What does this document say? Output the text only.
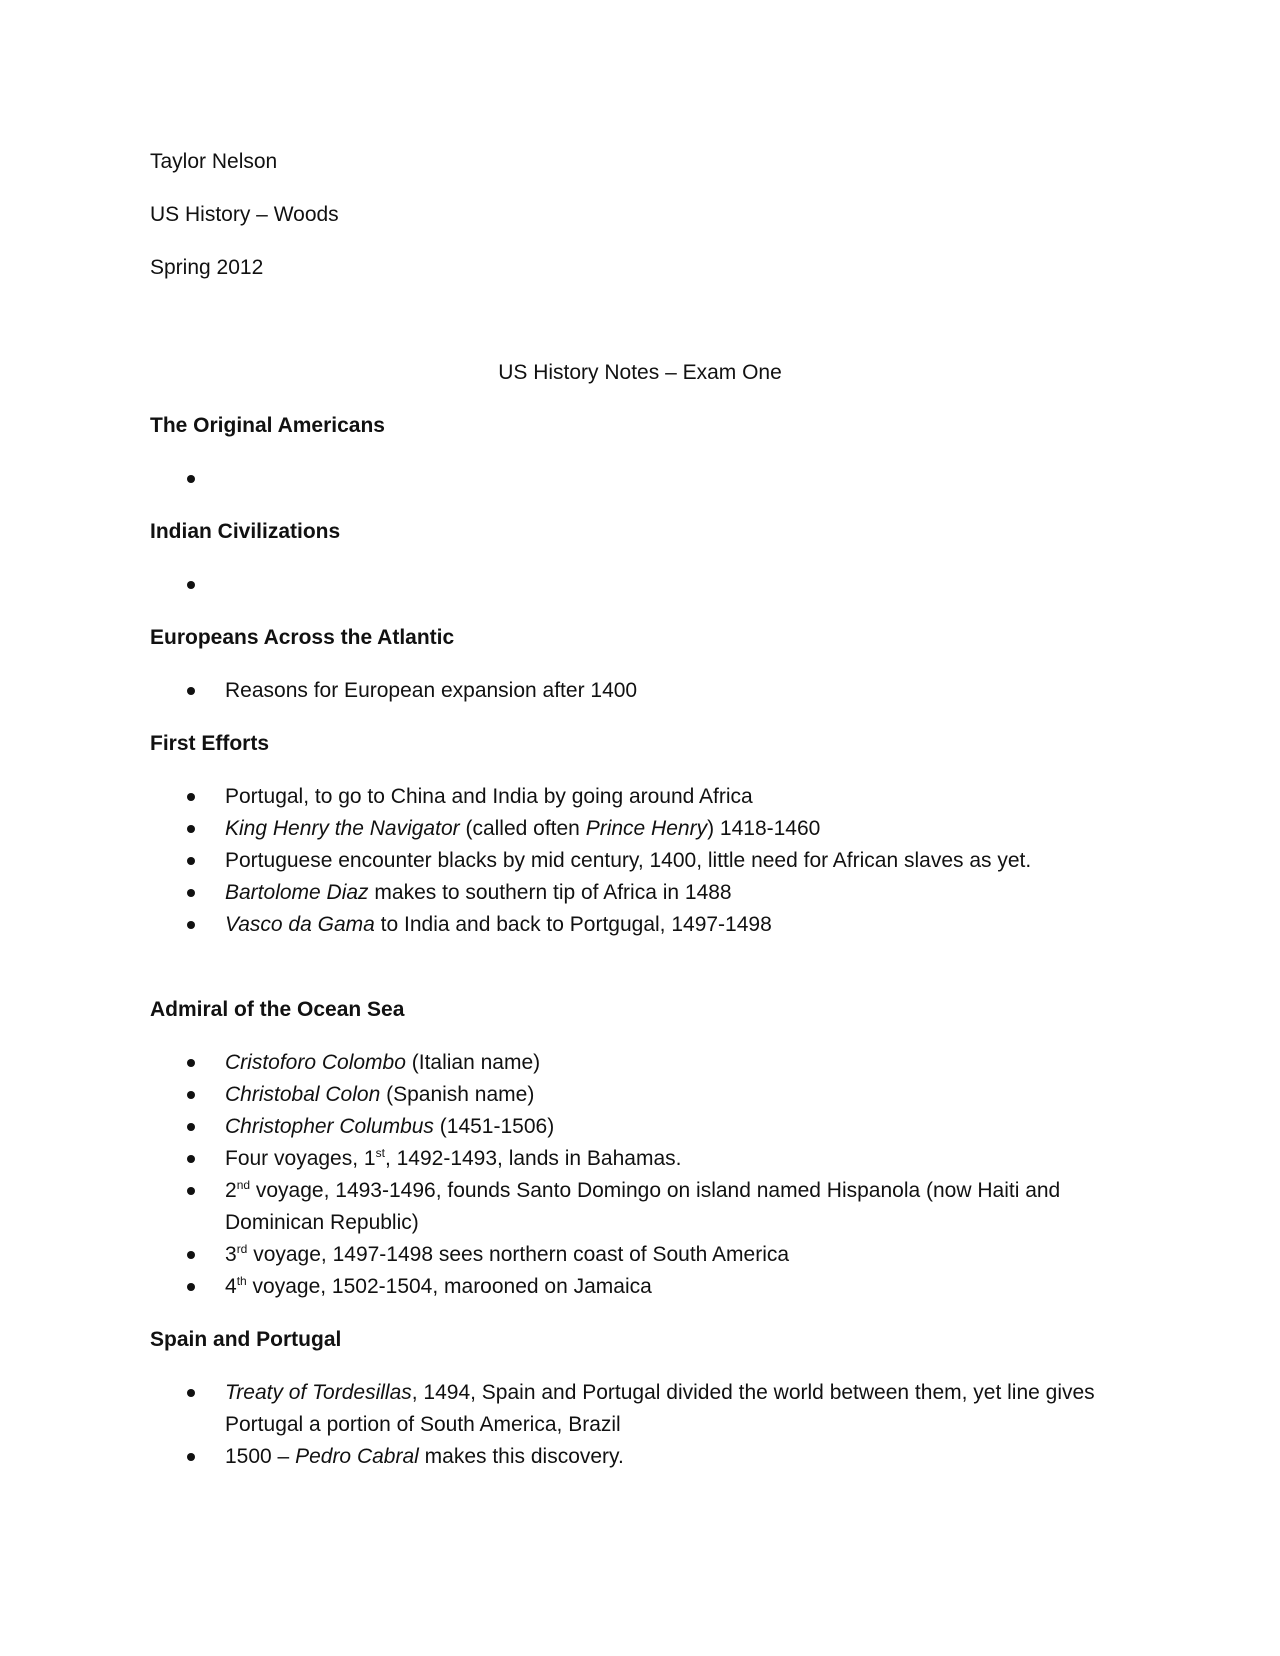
Taylor Nelson
US History – Woods
Spring 2012
US History Notes – Exam One
The Original Americans
Indian Civilizations
Europeans Across the Atlantic
Reasons for European expansion after 1400
First Efforts
Portugal, to go to China and India by going around Africa
King Henry the Navigator (called often Prince Henry) 1418-1460
Portuguese encounter blacks by mid century, 1400, little need for African slaves as yet.
Bartolome Diaz makes to southern tip of Africa in 1488
Vasco da Gama to India and back to Portgugal, 1497-1498
Admiral of the Ocean Sea
Cristoforo Colombo (Italian name)
Christobal Colon (Spanish name)
Christopher Columbus (1451-1506)
Four voyages, 1st, 1492-1493, lands in Bahamas.
2nd voyage, 1493-1496, founds Santo Domingo on island named Hispanola (now Haiti and Dominican Republic)
3rd voyage, 1497-1498 sees northern coast of South America
4th voyage, 1502-1504, marooned on Jamaica
Spain and Portugal
Treaty of Tordesillas, 1494, Spain and Portugal divided the world between them, yet line gives Portugal a portion of South America, Brazil
1500 – Pedro Cabral makes this discovery.
